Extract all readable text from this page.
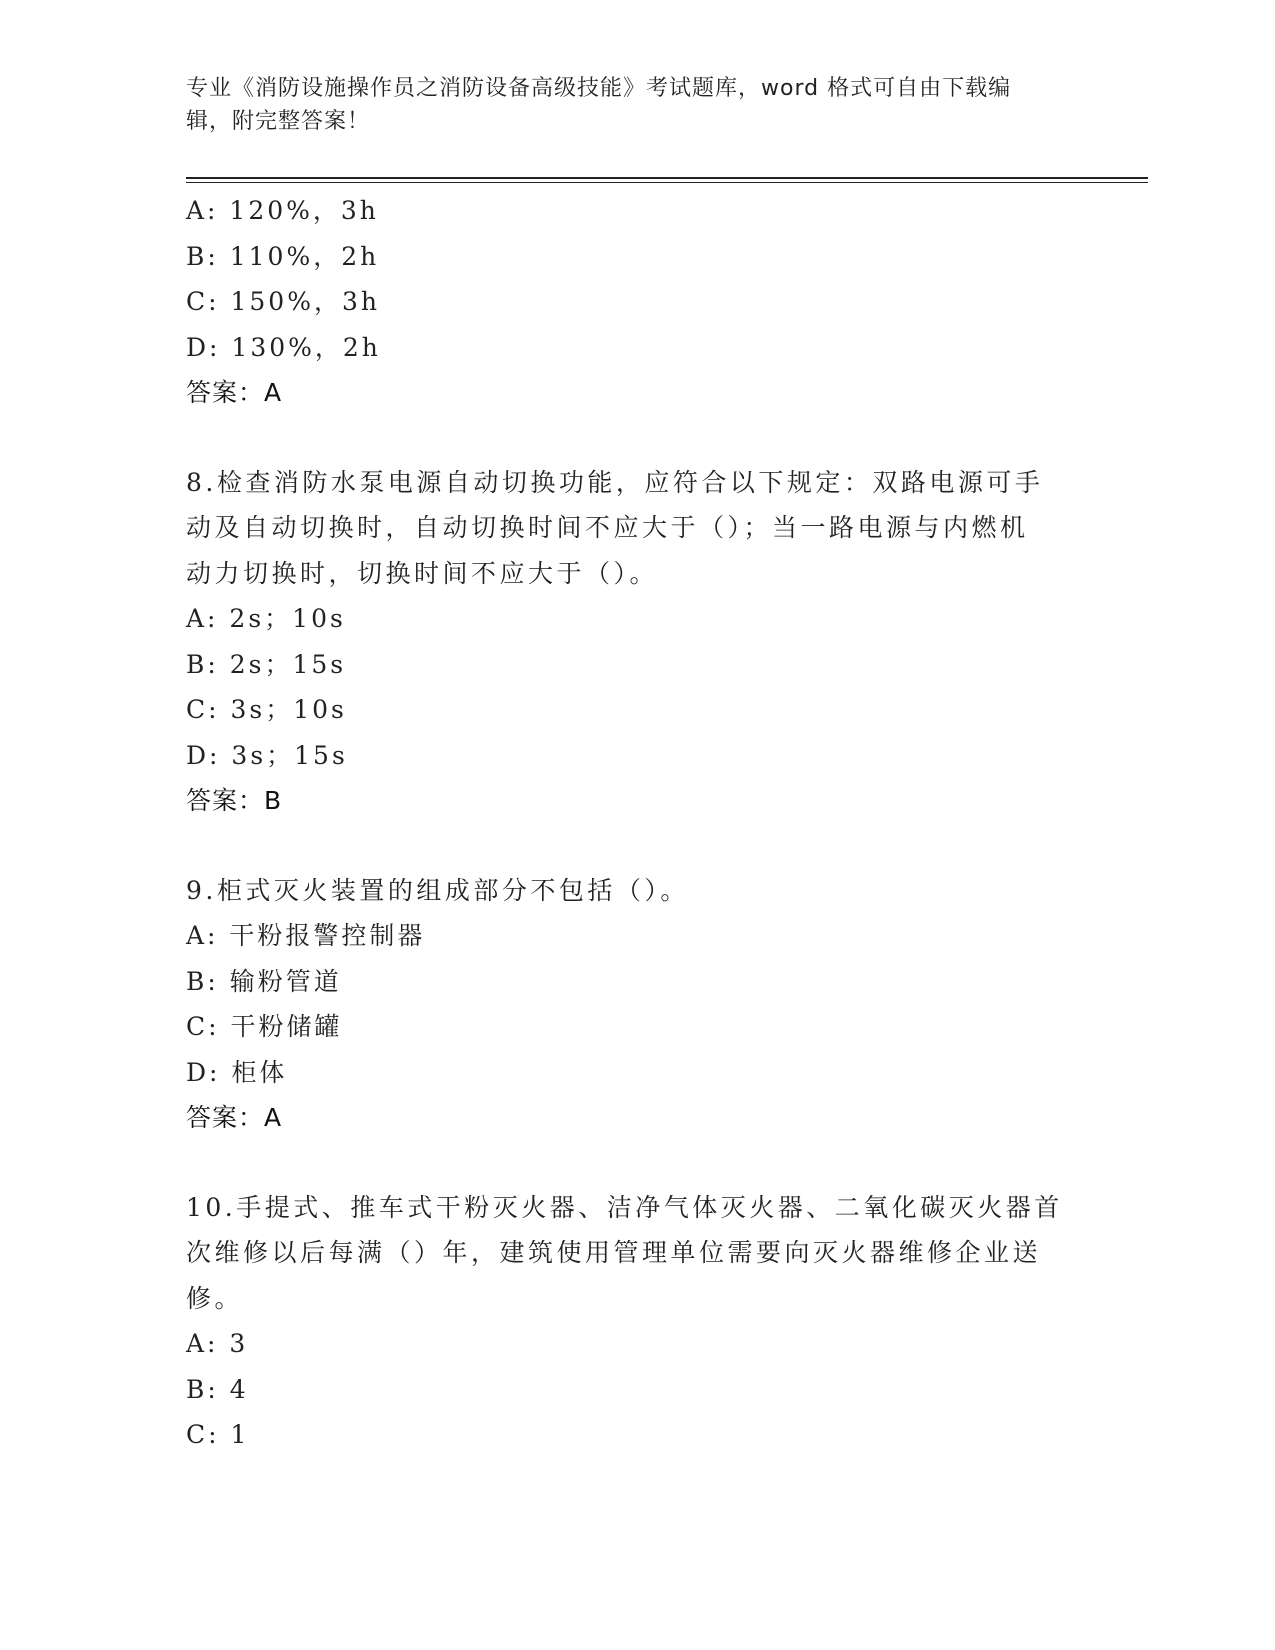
专业《消防设施操作员之消防设备高级技能》考试题库，word 格式可自由下载编
辑，附完整答案！
A: 120%，3h
B: 110%，2h
C: 150%，3h
D: 130%，2h
答案：A
8.检查消防水泵电源自动切换功能，应符合以下规定：双路电源可手
动及自动切换时，自动切换时间不应大于（）；当一路电源与内燃机
动力切换时，切换时间不应大于（）。
A: 2s；10s
B: 2s；15s
C: 3s；10s
D: 3s；15s
答案：B
9.柜式灭火装置的组成部分不包括（）。
A: 干粉报警控制器
B: 输粉管道
C: 干粉储罐
D: 柜体
答案：A
10.手提式、推车式干粉灭火器、洁净气体灭火器、二氧化碳灭火器首
次维修以后每满（）年，建筑使用管理单位需要向灭火器维修企业送
修。
A: 3
B: 4
C: 1
